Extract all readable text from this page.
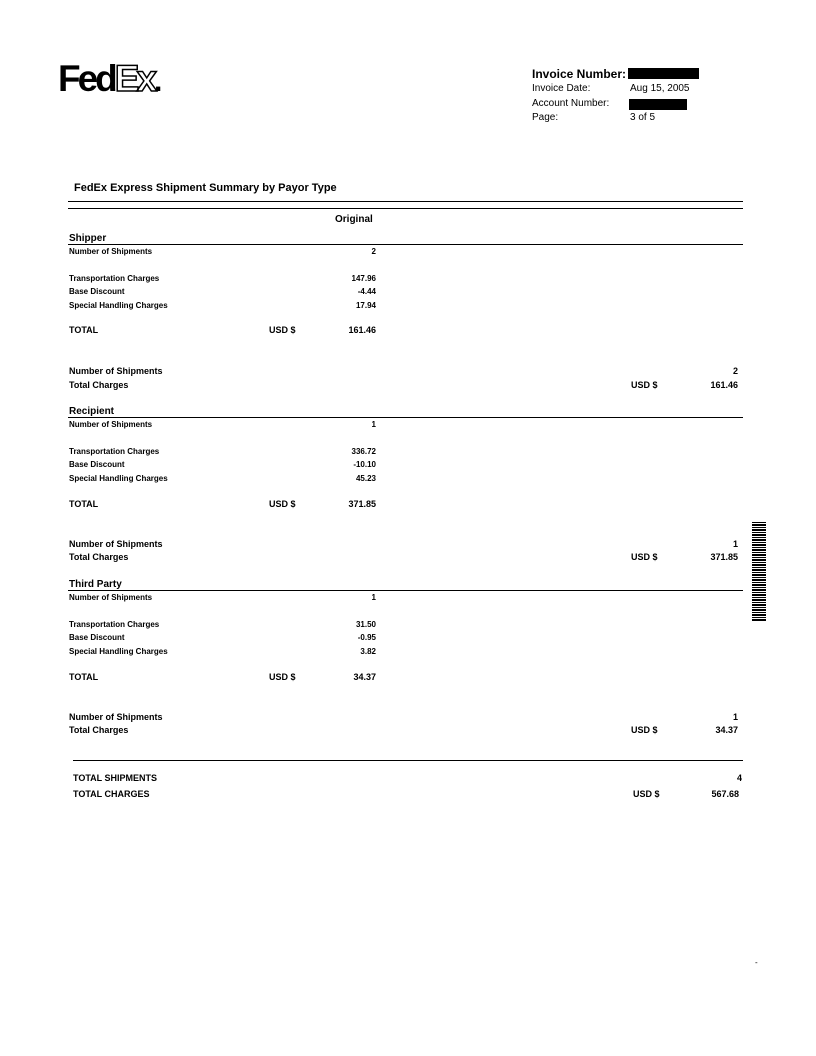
FedEx.	Invoice Number:
Invoice Date:	Aug 15, 2005
Account Number:
Page:	3 of 5
FedEx Express Shipment Summary by Payor Type
Original
Shipper
Number of Shipments	2
Transportation Charges	147.96
Base Discount	-4.44
Special Handling Charges	17.94
TOTAL	USD $	161.46
Number of Shipments	2
Total Charges	USD $	161.46
Recipient
Number of Shipments	1
Transportation Charges	336.72
Base Discount	-10.10
Special Handling Charges	45.23
TOTAL	USD $	371.85
Number of Shipments	1
Total Charges	USD $	371.85
Third Party
Number of Shipments	1
Transportation Charges	31.50
Base Discount	-0.95
Special Handling Charges	3.82
TOTAL	USD $	34.37
Number of Shipments	1
Total Charges	USD $	34.37
TOTAL SHIPMENTS	4
TOTAL CHARGES	USD $	567.68
-
